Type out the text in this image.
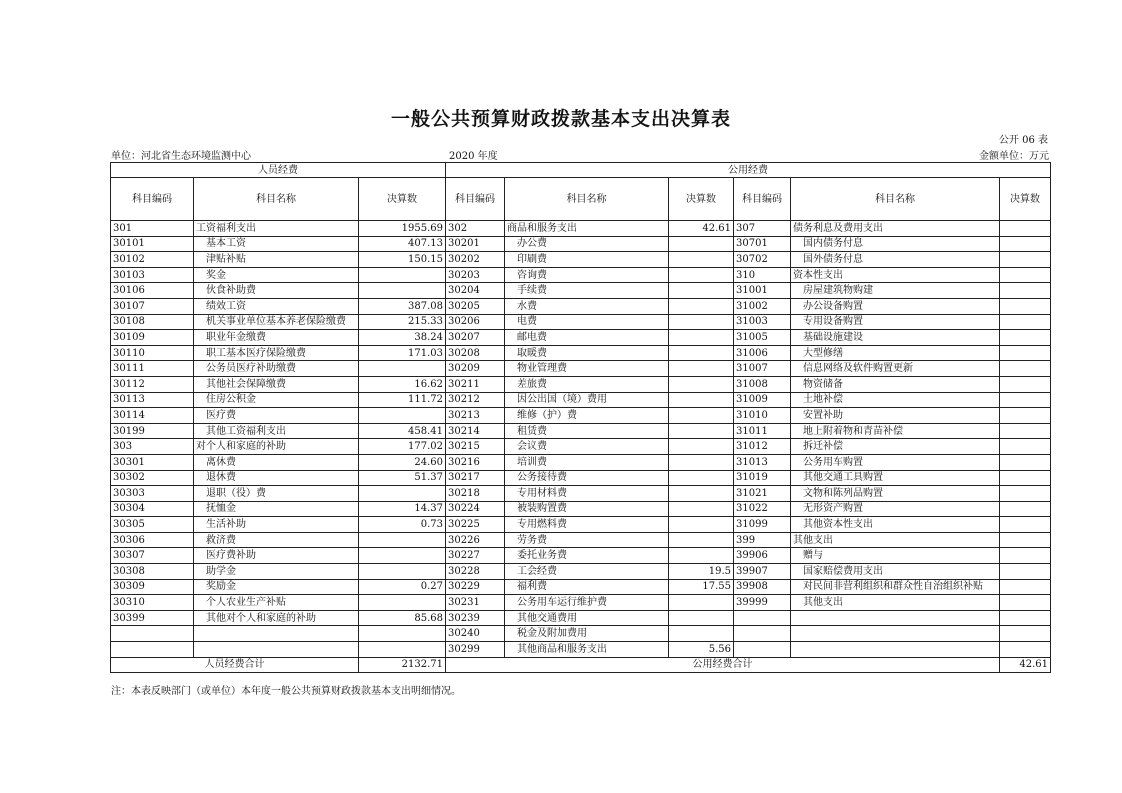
一般公共预算财政拨款基本支出决算表
公开 06 表
单位：河北省生态环境监测中心	2020 年度	金额单位：万元
人员经费			公用经费					
科目编码	科目名称	决算数	科目编码	科目名称	决算数	科目编码	科目名称	决算数
301	工资福利支出	1955.69	302	商品和服务支出	42.61	307	债务利息及费用支出	
30101	基本工资	407.13	30201	办公费		30701	国内债务付息	
30102	津贴补贴	150.15	30202	印刷费		30702	国外债务付息	
30103	奖金		30203	咨询费		310	资本性支出	
30106	伙食补助费		30204	手续费		31001	房屋建筑物购建	
30107	绩效工资	387.08	30205	水费		31002	办公设备购置	
30108	机关事业单位基本养老保险缴费	215.33	30206	电费		31003	专用设备购置	
30109	职业年金缴费	38.24	30207	邮电费		31005	基础设施建设	
30110	职工基本医疗保险缴费	171.03	30208	取暖费		31006	大型修缮	
30111	公务员医疗补助缴费		30209	物业管理费		31007	信息网络及软件购置更新	
30112	其他社会保障缴费	16.62	30211	差旅费		31008	物资储备	
30113	住房公积金	111.72	30212	因公出国（境）费用		31009	土地补偿	
30114	医疗费		30213	维修（护）费		31010	安置补助	
30199	其他工资福利支出	458.41	30214	租赁费		31011	地上附着物和青苗补偿	
303	对个人和家庭的补助	177.02	30215	会议费		31012	拆迁补偿	
30301	离休费	24.60	30216	培训费		31013	公务用车购置	
30302	退休费	51.37	30217	公务接待费		31019	其他交通工具购置	
30303	退职（役）费		30218	专用材料费		31021	文物和陈列品购置	
30304	抚恤金	14.37	30224	被装购置费		31022	无形资产购置	
30305	生活补助	0.73	30225	专用燃料费		31099	其他资本性支出	
30306	救济费		30226	劳务费		399	其他支出	
30307	医疗费补助		30227	委托业务费		39906	赠与	
30308	助学金		30228	工会经费	19.5	39907	国家赔偿费用支出	
30309	奖励金	0.27	30229	福利费	17.55	39908	对民间非营利组织和群众性自治组织补贴	
30310	个人农业生产补贴		30231	公务用车运行维护费		39999	其他支出	
30399	其他对个人和家庭的补助	85.68	30239	其他交通费用				
			30240	税金及附加费用				
			30299	其他商品和服务支出	5.56			
人员经费合计		2132.71	公用经费合计					42.61
注：本表反映部门（或单位）本年度一般公共预算财政拨款基本支出明细情况。
